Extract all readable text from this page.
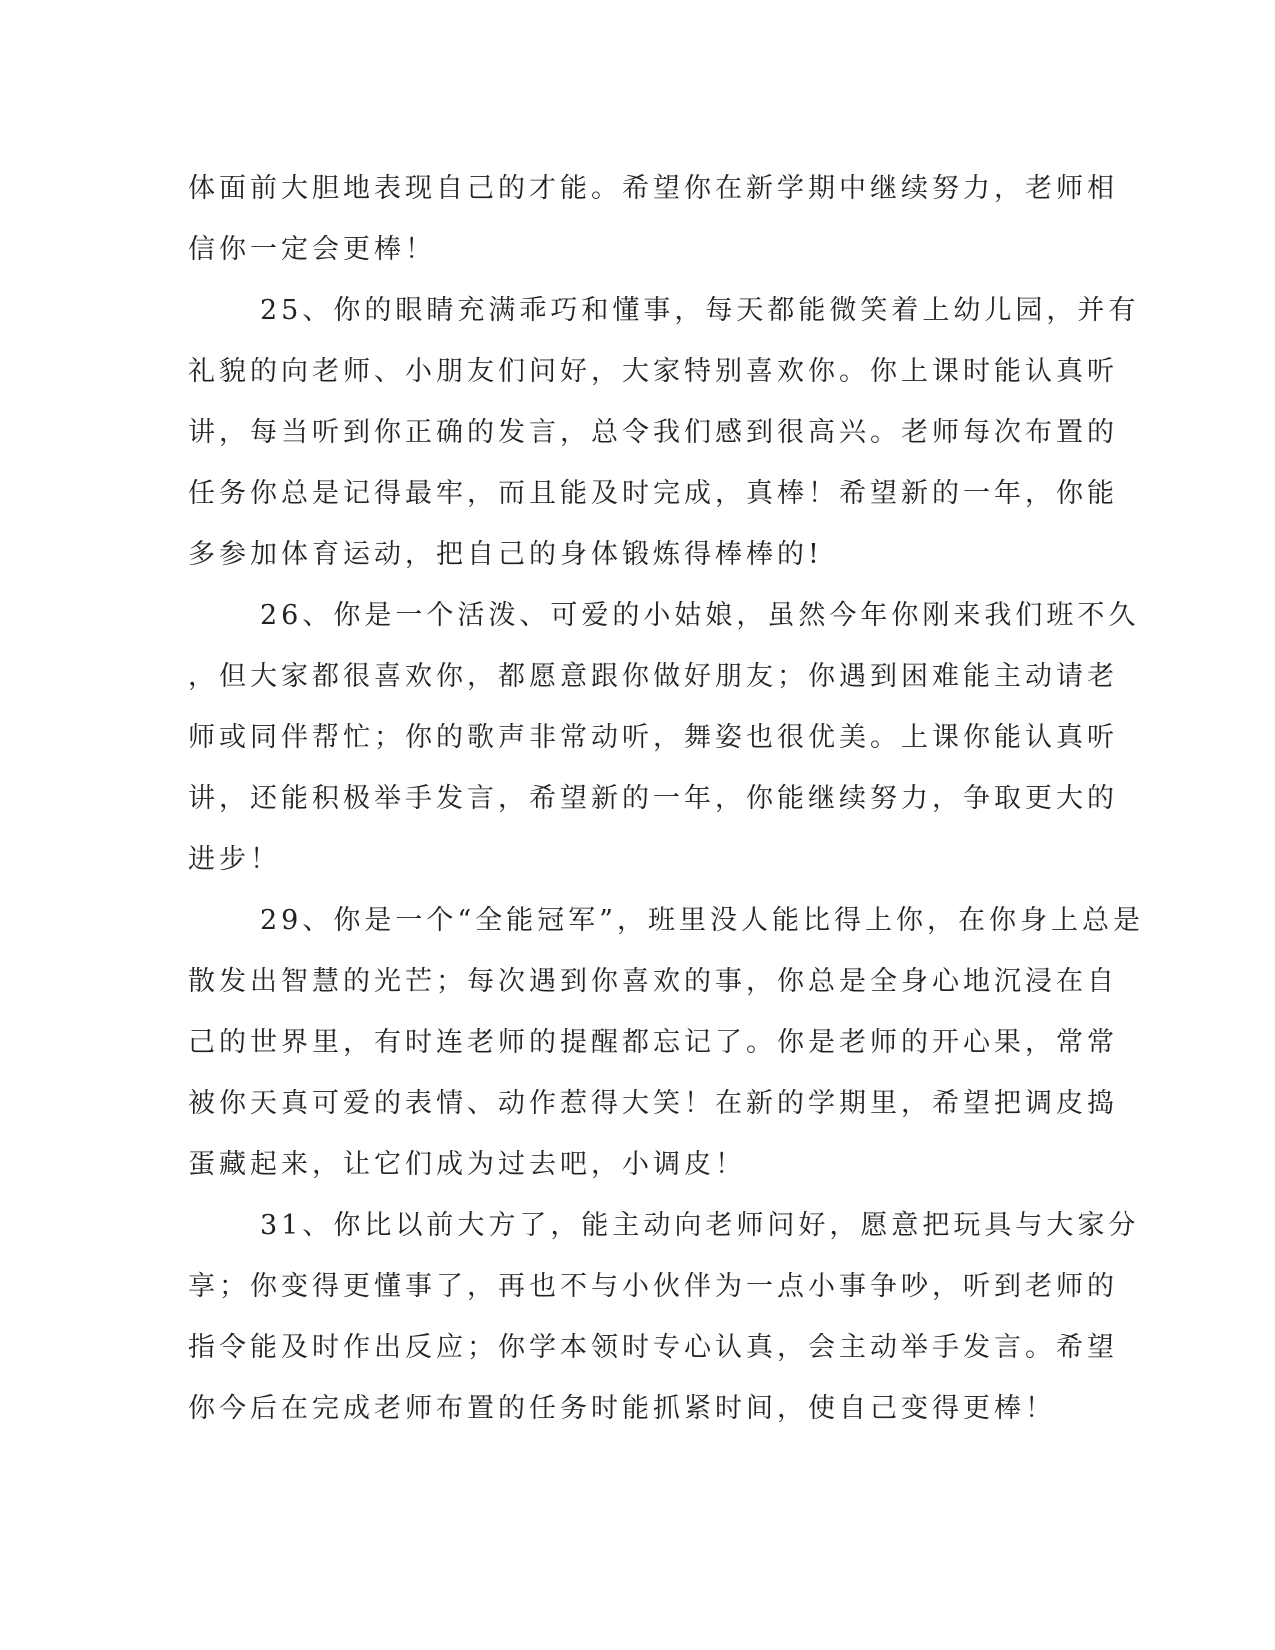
体面前大胆地表现自己的才能。希望你在新学期中继续努力，老师相
信你一定会更棒！
25、你的眼睛充满乖巧和懂事，每天都能微笑着上幼儿园，并有
礼貌的向老师、小朋友们问好，大家特别喜欢你。你上课时能认真听
讲，每当听到你正确的发言，总令我们感到很高兴。老师每次布置的
任务你总是记得最牢，而且能及时完成，真棒！希望新的一年，你能
多参加体育运动，把自己的身体锻炼得棒棒的!
26、你是一个活泼、可爱的小姑娘，虽然今年你刚来我们班不久
，但大家都很喜欢你，都愿意跟你做好朋友；你遇到困难能主动请老
师或同伴帮忙；你的歌声非常动听，舞姿也很优美。上课你能认真听
讲，还能积极举手发言，希望新的一年，你能继续努力，争取更大的
进步！
29、你是一个“全能冠军”，班里没人能比得上你，在你身上总是
散发出智慧的光芒；每次遇到你喜欢的事，你总是全身心地沉浸在自
己的世界里，有时连老师的提醒都忘记了。你是老师的开心果，常常
被你天真可爱的表情、动作惹得大笑！在新的学期里，希望把调皮捣
蛋藏起来，让它们成为过去吧，小调皮！
31、你比以前大方了，能主动向老师问好，愿意把玩具与大家分
享；你变得更懂事了，再也不与小伙伴为一点小事争吵，听到老师的
指令能及时作出反应；你学本领时专心认真，会主动举手发言。希望
你今后在完成老师布置的任务时能抓紧时间，使自己变得更棒！
